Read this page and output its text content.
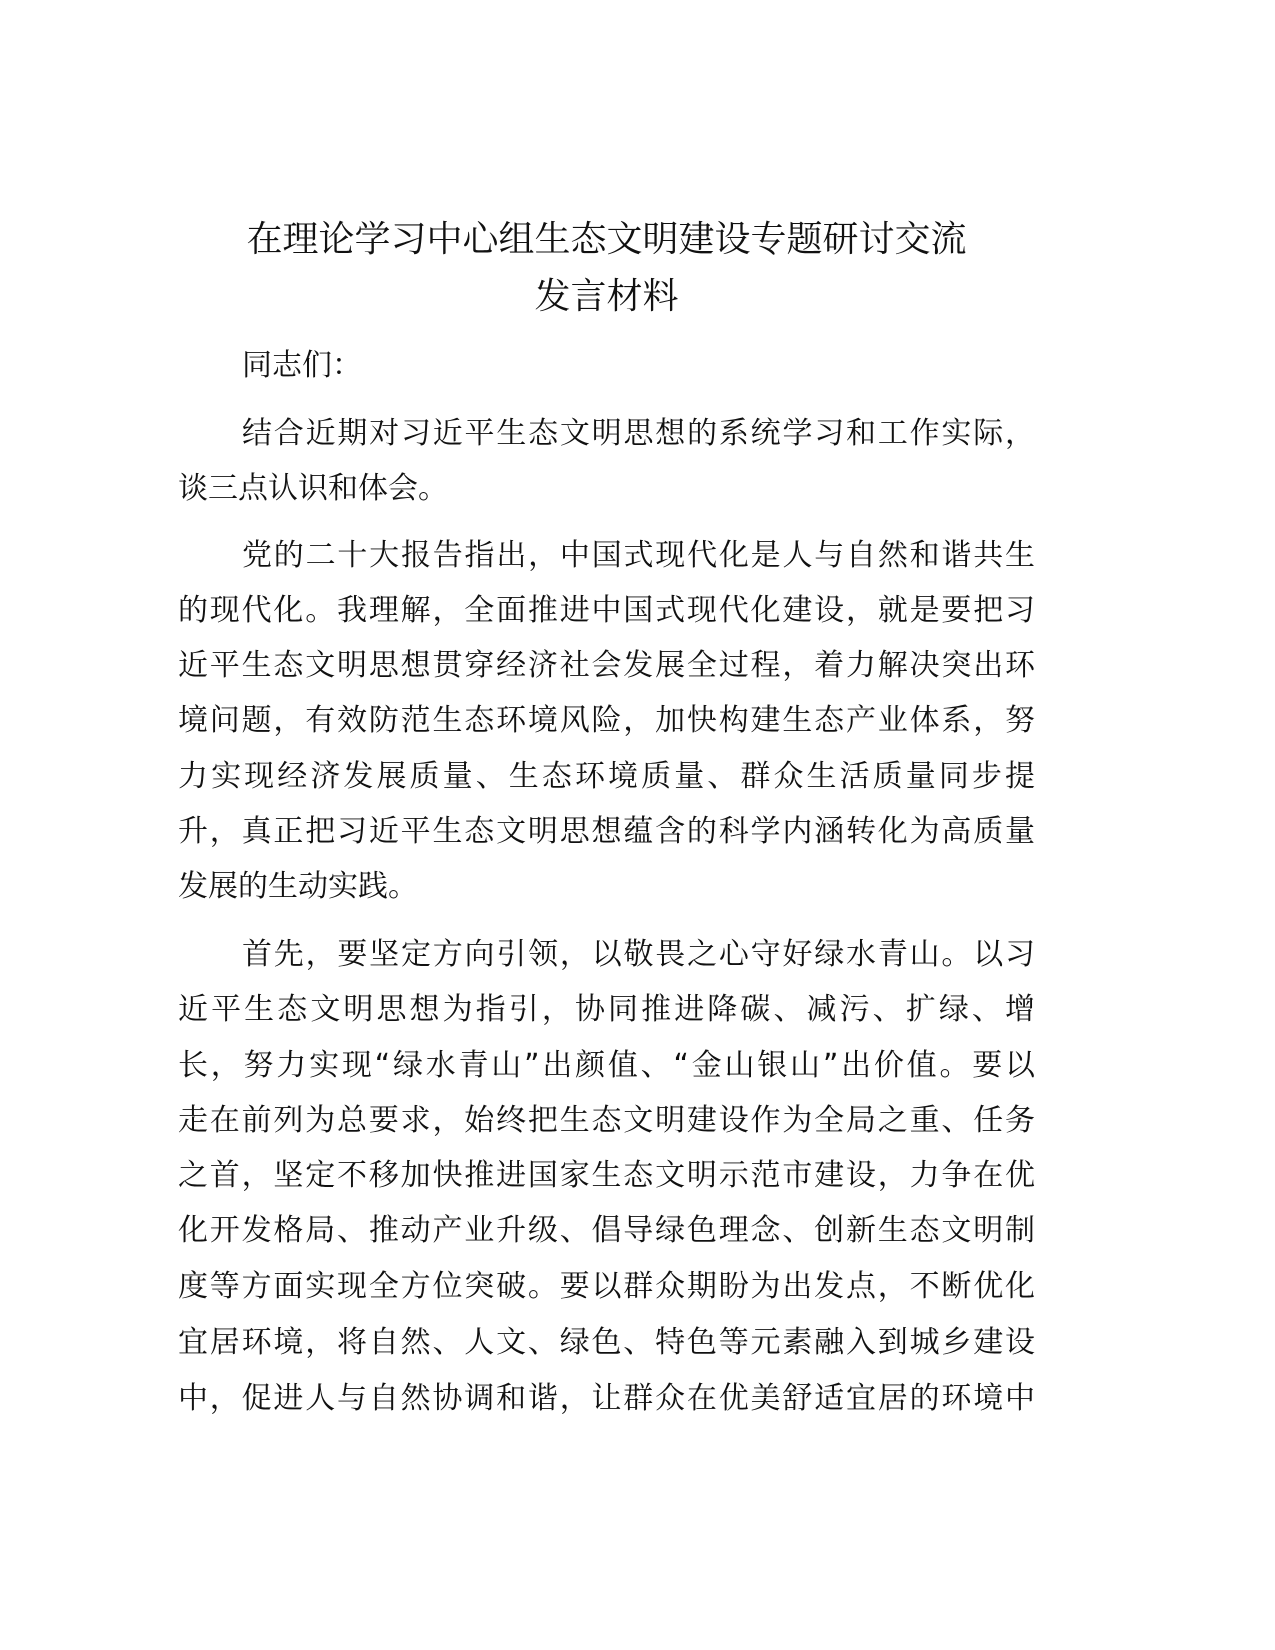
在理论学习中心组生态文明建设专题研讨交流
发言材料
同志们：
结合近期对习近平生态文明思想的系统学习和工作实际，
谈三点认识和体会。
党的二十大报告指出，中国式现代化是人与自然和谐共生
的现代化。我理解，全面推进中国式现代化建设，就是要把习
近平生态文明思想贯穿经济社会发展全过程，着力解决突出环
境问题，有效防范生态环境风险，加快构建生态产业体系，努
力实现经济发展质量、生态环境质量、群众生活质量同步提
升，真正把习近平生态文明思想蕴含的科学内涵转化为高质量
发展的生动实践。
首先，要坚定方向引领，以敬畏之心守好绿水青山。以习
近平生态文明思想为指引，协同推进降碳、减污、扩绿、增
长，努力实现“绿水青山”出颜值、“金山银山”出价值。要以
走在前列为总要求，始终把生态文明建设作为全局之重、任务
之首，坚定不移加快推进国家生态文明示范市建设，力争在优
化开发格局、推动产业升级、倡导绿色理念、创新生态文明制
度等方面实现全方位突破。要以群众期盼为出发点，不断优化
宜居环境，将自然、人文、绿色、特色等元素融入到城乡建设
中，促进人与自然协调和谐，让群众在优美舒适宜居的环境中
